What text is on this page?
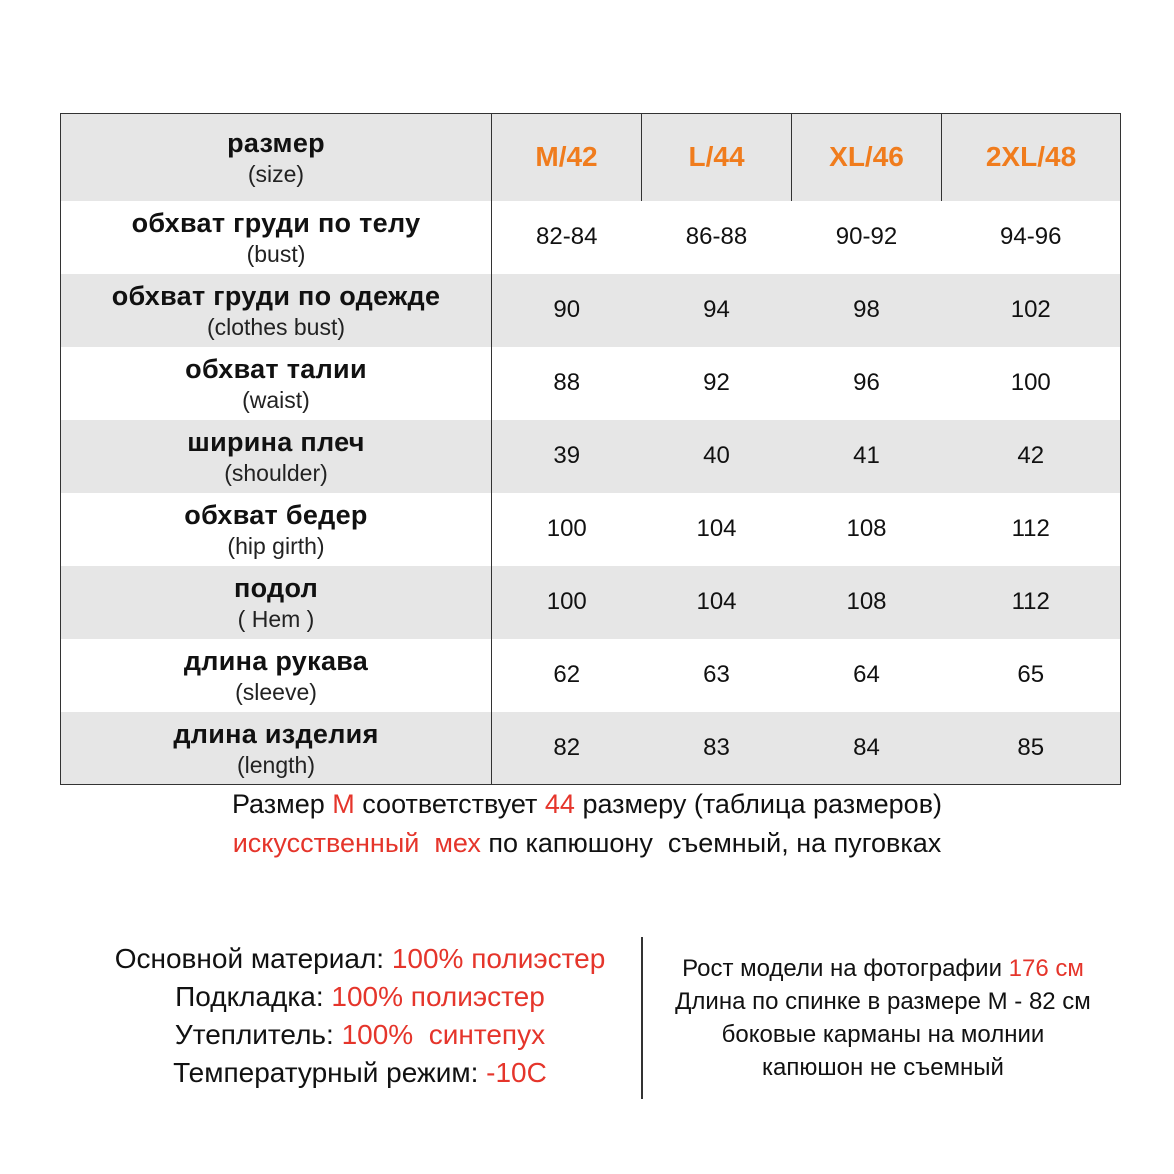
размер
(size)	M/42	L/44	XL/46	2XL/48

обхват груди по телу
(bust)	82-84	86-88	90-92	94-96

обхват груди по одежде
(clothes bust)	90	94	98	102

обхват талии
(waist)	88	92	96	100

ширина плеч
(shoulder)	39	40	41	42

обхват бедер
(hip girth)	100	104	108	112

подол
( Hem )	100	104	108	112

длина рукава
(sleeve)	62	63	64	65

длина изделия
(length)	82	83	84	85
Размер M соответствует 44 размеру (таблица размеров)
искусственный  мех по капюшону  съемный, на пуговках
Основной материал: 100% полиэстер
Подкладка: 100% полиэстер
Утеплитель: 100%  синтепух
Температурный режим: -10C
Рост модели на фотографии 176 см
Длина по спинке в размере M - 82 см
боковые карманы на молнии
капюшон не съемный
